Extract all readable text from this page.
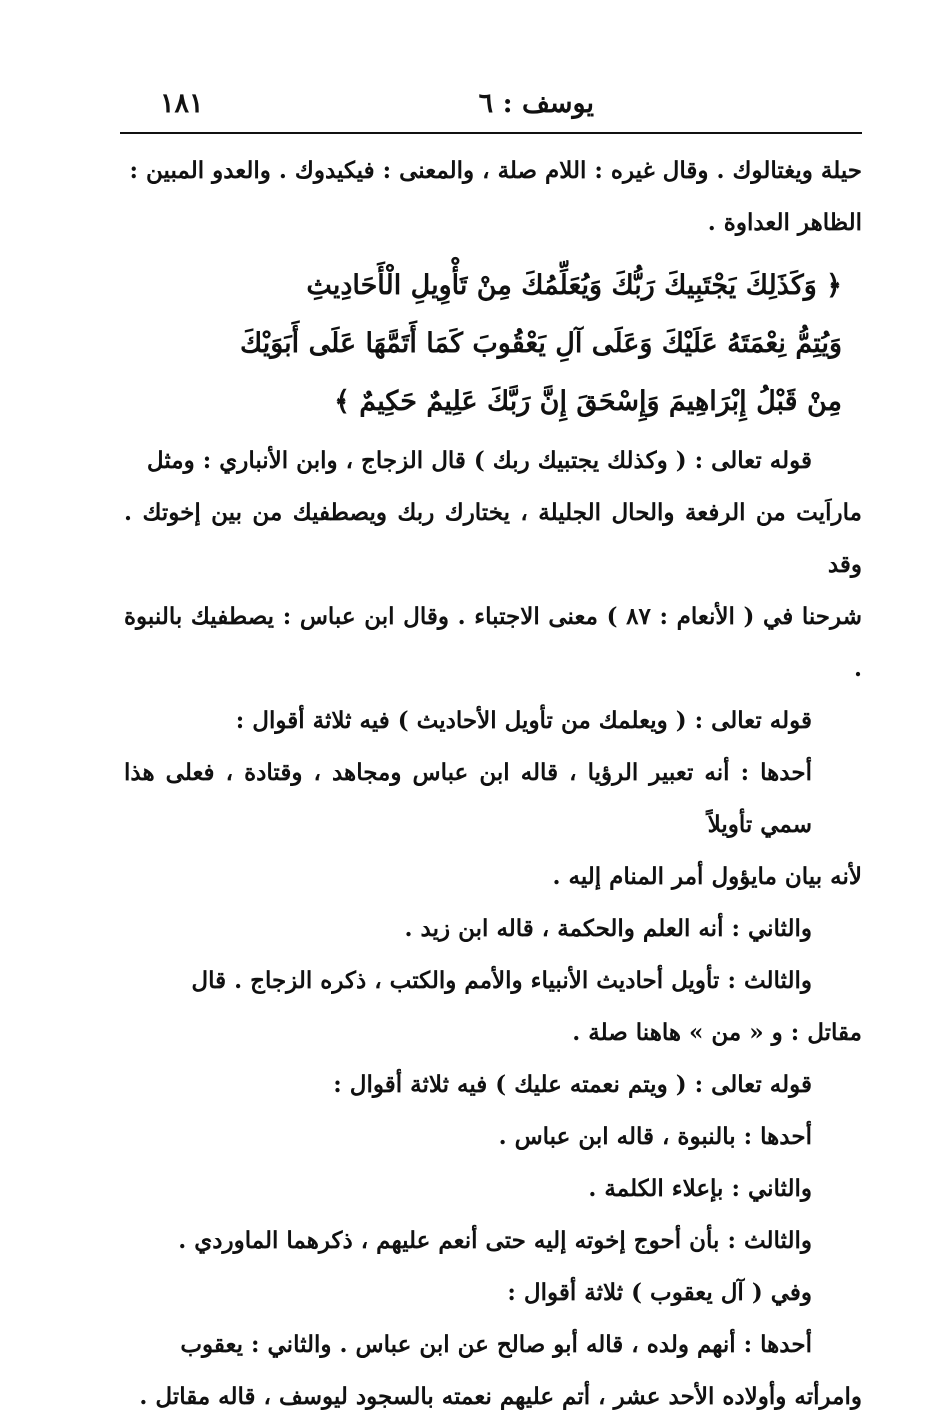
يوسف : ٦
١٨١

حيلة ويغتالوك . وقال غيره : اللام صلة ، والمعنى : فيكيدوك . والعدو المبين :

الظاهر العداوة .

﴿ وَكَذَلِكَ يَجْتَبِيكَ رَبُّكَ وَيُعَلِّمُكَ مِنْ تَأْوِيلِ الْأَحَادِيثِ

وَيُتِمُّ نِعْمَتَهُ عَلَيْكَ وَعَلَى آلِ يَعْقُوبَ كَمَا أَتَمَّهَا عَلَى أَبَوَيْكَ

مِنْ قَبْلُ إِبْرَاهِيمَ وَإِسْحَقَ إِنَّ رَبَّكَ عَلِيمٌ حَكِيمٌ ﴾

قوله تعالى : ( وكذلك يجتبيك ربك ) قال الزجاج ، وابن الأنباري : ومثل

ماراَيت من الرفعة والحال الجليلة ، يختارك ربك ويصطفيك من بين إخوتك . وقد

شرحنا في ( الأنعام : ٨٧ ) معنى الاجتباء . وقال ابن عباس : يصطفيك بالنبوة .

قوله تعالى : ( ويعلمك من تأويل الأحاديث ) فيه ثلاثة أقوال :

أحدها : أنه تعبير الرؤيا ، قاله ابن عباس ومجاهد ، وقتادة ، فعلى هذا سمي تأويلاً

لأنه بيان مايؤول أمر المنام إليه .

والثاني : أنه العلم والحكمة ، قاله ابن زيد .

والثالث : تأويل أحاديث الأنبياء والأمم والكتب ، ذكره الزجاج . قال

مقاتل : و « من » هاهنا صلة .

قوله تعالى : ( ويتم نعمته عليك ) فيه ثلاثة أقوال :

أحدها : بالنبوة ، قاله ابن عباس .

والثاني : بإعلاء الكلمة .

والثالث : بأن أحوج إخوته إليه حتى أنعم عليهم ، ذكرهما الماوردي .

وفي ( آل يعقوب ) ثلاثة أقوال :

أحدها : أنهم ولده ، قاله أبو صالح عن ابن عباس . والثاني : يعقوب

وامرأته وأولاده الأحد عشر ، أتم عليهم نعمته بالسجود ليوسف ، قاله مقاتل .
